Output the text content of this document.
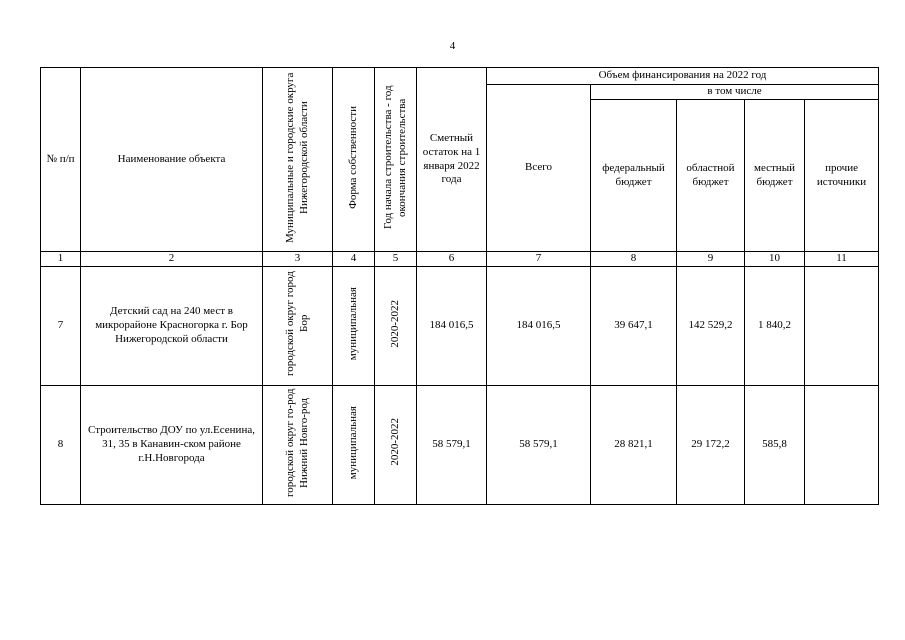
4
№ п/п	Наименование объекта	Муниципальные и городские округа Нижегородской области	Форма собственности	Год начала строительства - год окончания строительства	Сметный остаток на 1 января 2022 года	Объем финансирования на 2022 год				
						Всего	в том числе			
							федеральный бюджет	областной бюджет	местный бюджет	прочие источники
1	2	3	4	5	6	7	8	9	10	11
7	Детский сад на 240 мест в микрорайоне Красногорка г. Бор Нижегородской области	городской округ город Бор	муниципальная	2020-2022	184 016,5	184 016,5	39 647,1	142 529,2	1 840,2	
8	Строительство ДОУ по ул.Есенина, 31, 35 в Канавин-ском районе г.Н.Новгорода	городской округ го-род Нижний Новго-род	муниципальная	2020-2022	58 579,1	58 579,1	28 821,1	29 172,2	585,8	
